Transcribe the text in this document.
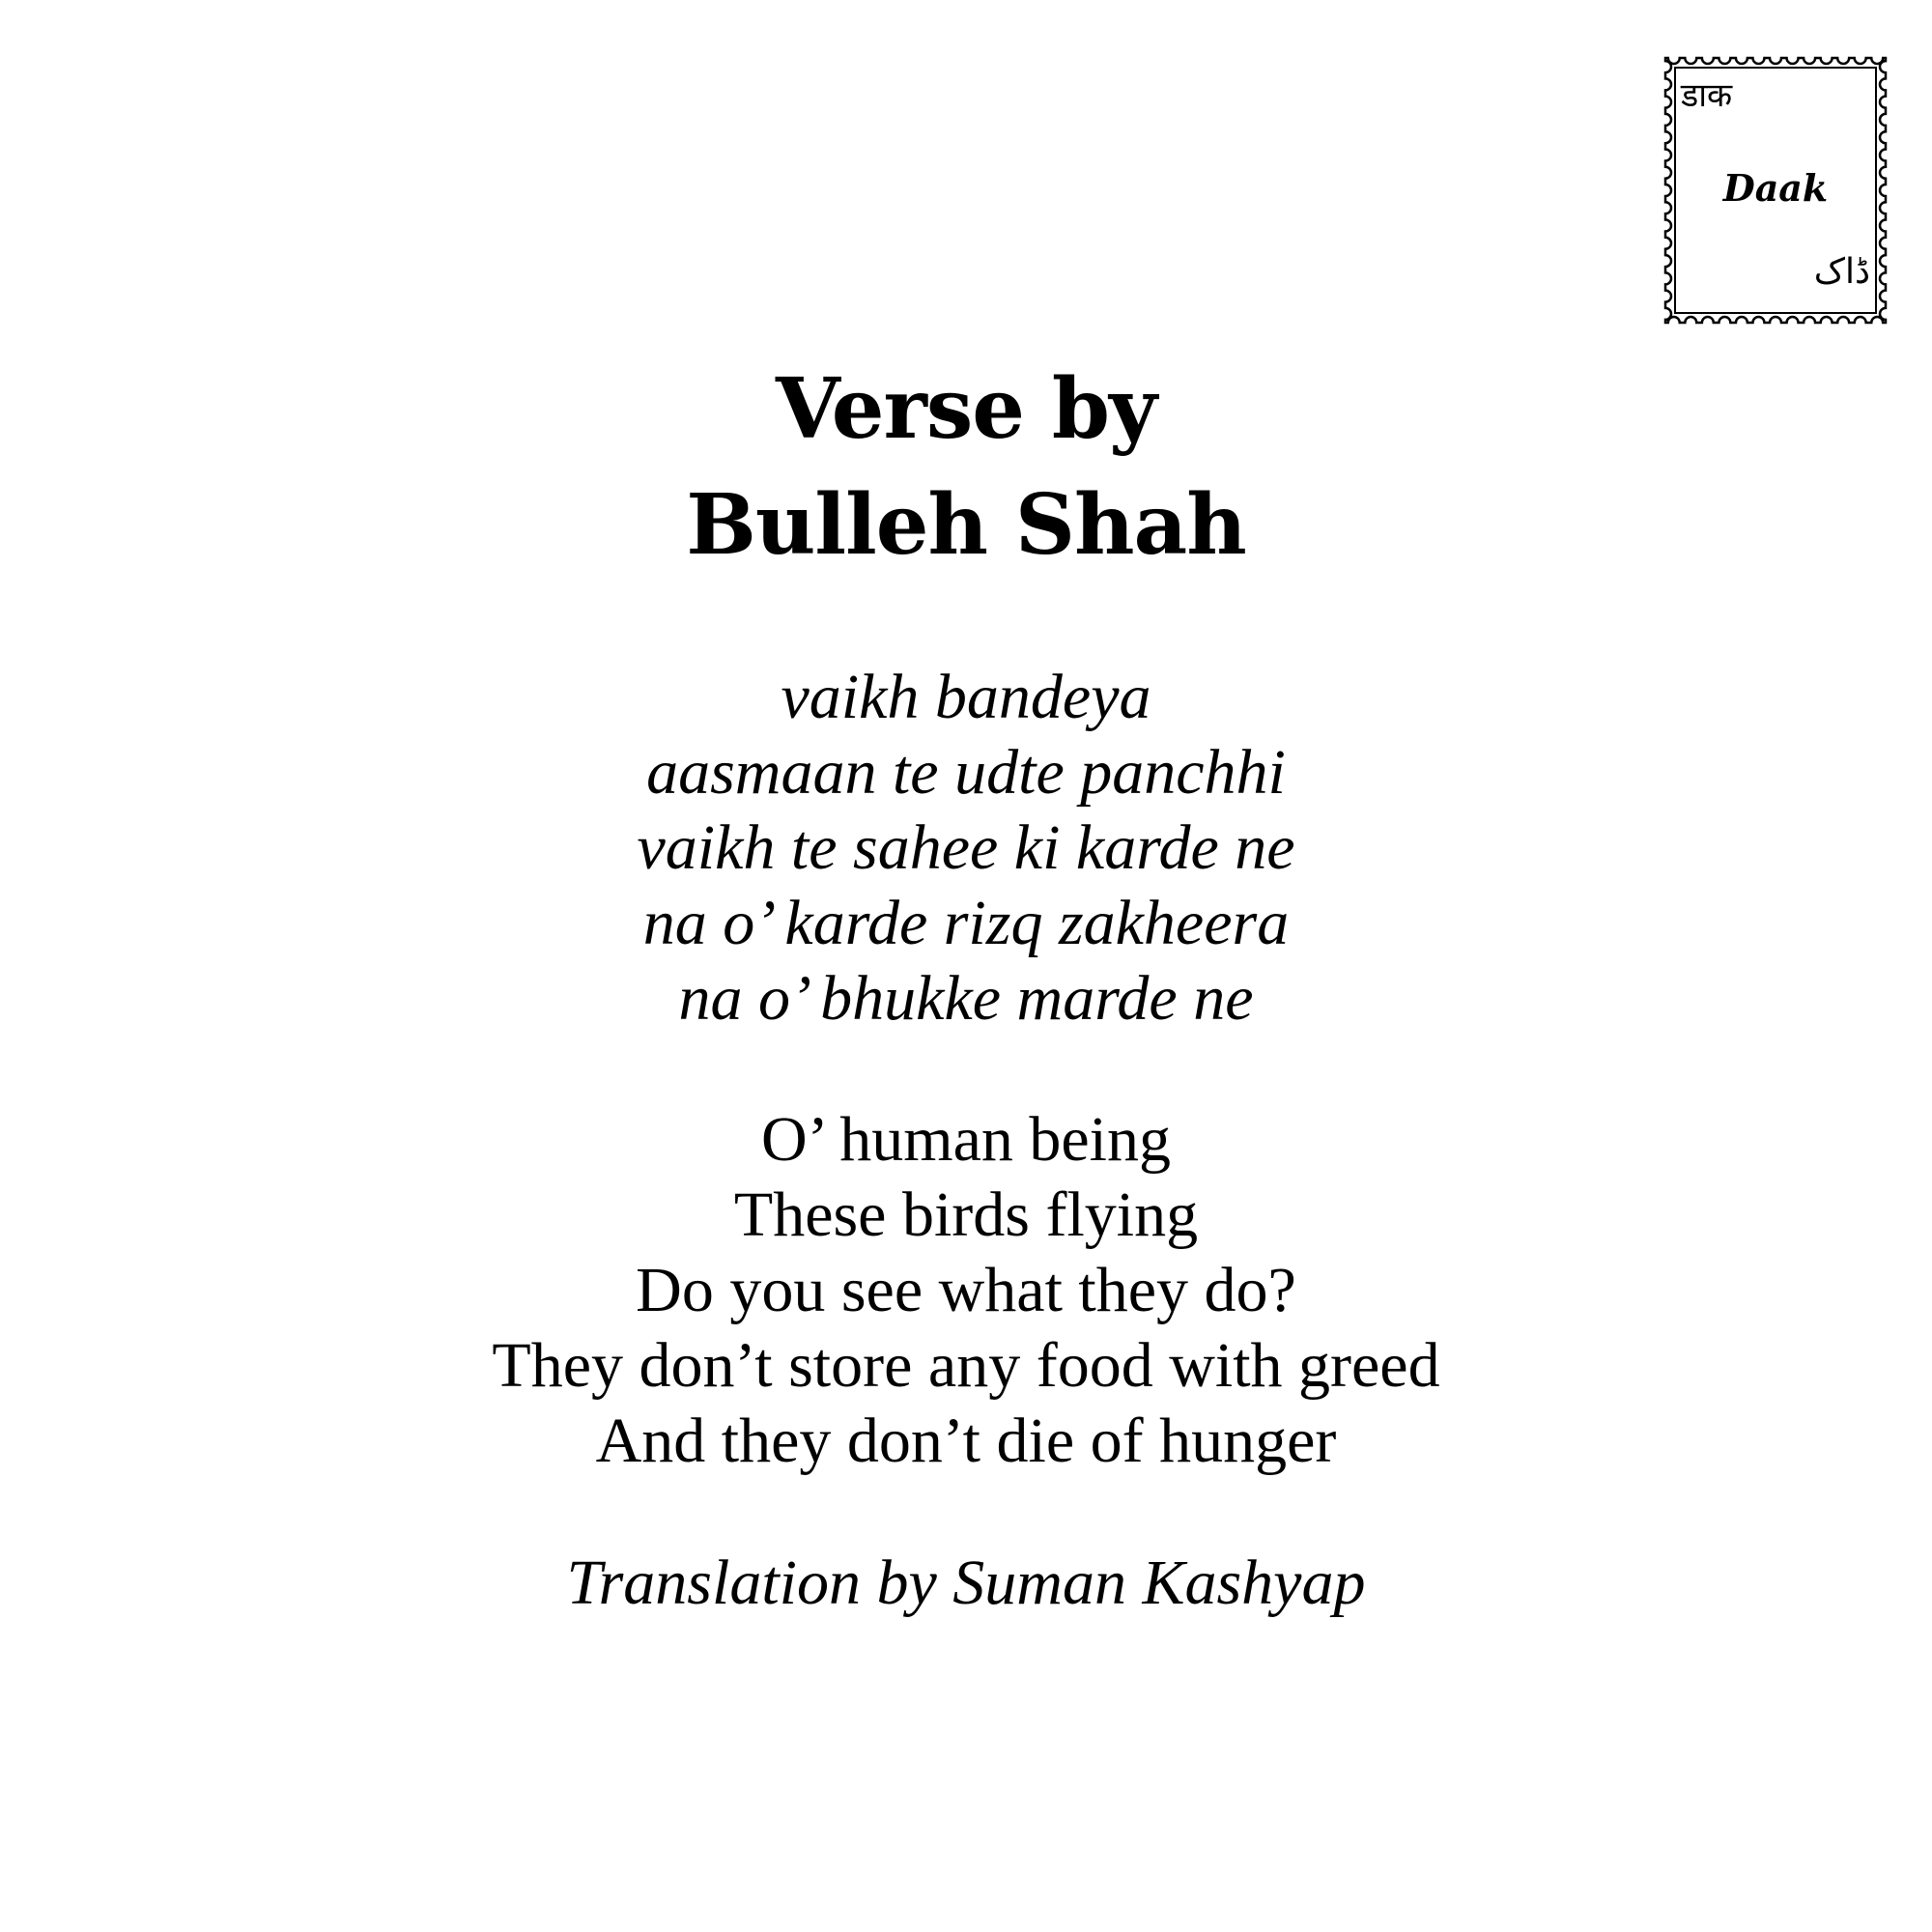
डाक
Daak
ڈاک
Verse by
Bulleh Shah
vaikh bandeya
aasmaan te udte panchhi
vaikh te sahee ki karde ne
na o’ karde rizq zakheera
na o’ bhukke marde ne
O’ human being
These birds flying
Do you see what they do?
They don’t store any food with greed
And they don’t die of hunger
Translation by Suman Kashyap
